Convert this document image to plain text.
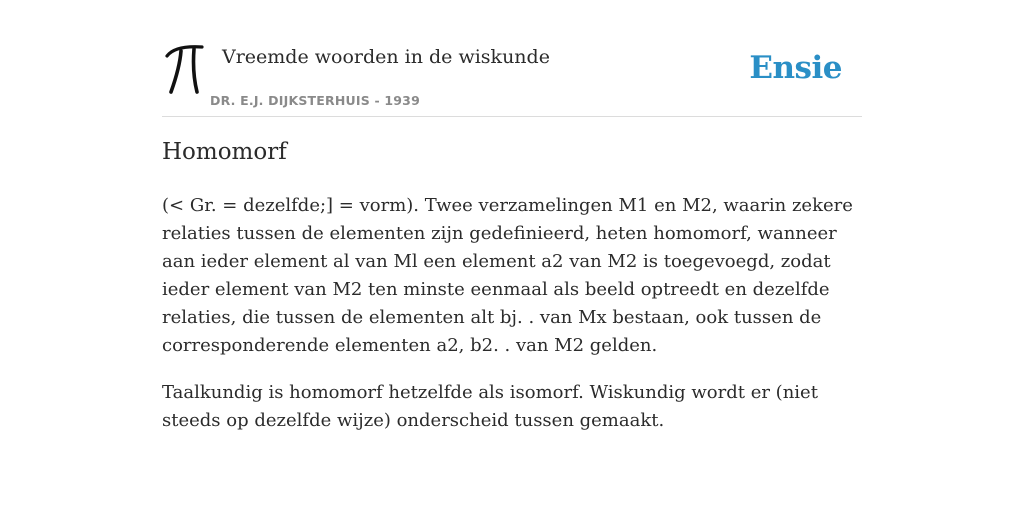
Vreemde woorden in de wiskunde
DR. E.J. DIJKSTERHUIS - 1939
Ensie
Homomorf

(< Gr. = dezelfde;] = vorm). Twee verzamelingen M1 en M2, waarin zekere relaties tussen de elementen zijn gedefinieerd, heten homomorf, wanneer aan ieder element al van Ml een element a2 van M2 is toegevoegd, zodat ieder element van M2 ten minste eenmaal als beeld optreedt en dezelfde relaties, die tussen de elementen alt bj. . van Mx bestaan, ook tussen de corresponderende elementen a2, b2. . van M2 gelden.

Taalkundig is homomorf hetzelfde als isomorf. Wiskundig wordt er (niet steeds op dezelfde wijze) onderscheid tussen gemaakt.
